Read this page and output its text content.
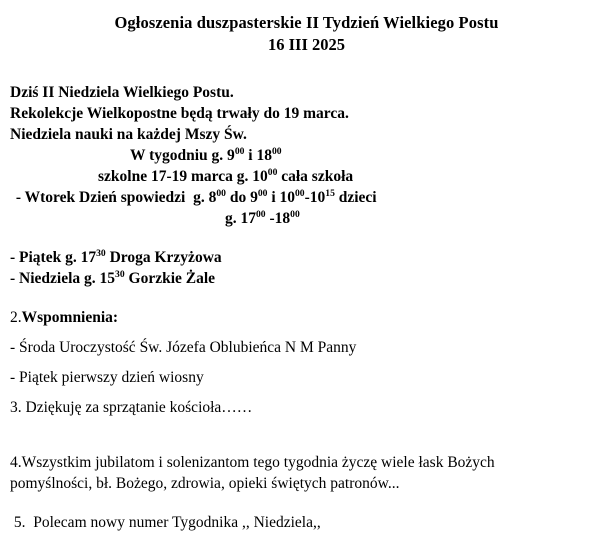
Ogłoszenia duszpasterskie II Tydzień Wielkiego Postu
16 III 2025
Dziś II Niedziela Wielkiego Postu.
Rekolekcje Wielkopostne będą trwały do 19 marca.
Niedziela nauki na każdej Mszy Św.
W tygodniu g. $9^{00}$ i $18^{00}$
szkolne 17-19 marca g. $10^{00}$ cała szkoła
- Wtorek Dzień spowiedzi  g. $8^{00}$ do $9^{00}$ i $10^{00}-10^{15}$ dzieci
g. $17^{00}$ $-18^{00}$
- Piątek g. $17^{30}$ Droga Krzyżowa
- Niedziela g. $15^{30}$ Gorzkie Żale
2.Wspomnienia:
- Środa Uroczystość Św. Józefa Oblubieńca N M Panny
- Piątek pierwszy dzień wiosny
3. Dziękuję za sprzątanie kościoła……
4.Wszystkim jubilatom i solenizantom tego tygodnia życzę wiele łask Bożych
pomyślności, bł. Bożego, zdrowia, opieki świętych patronów...
5.  Polecam nowy numer Tygodnika ,, Niedziela,,
